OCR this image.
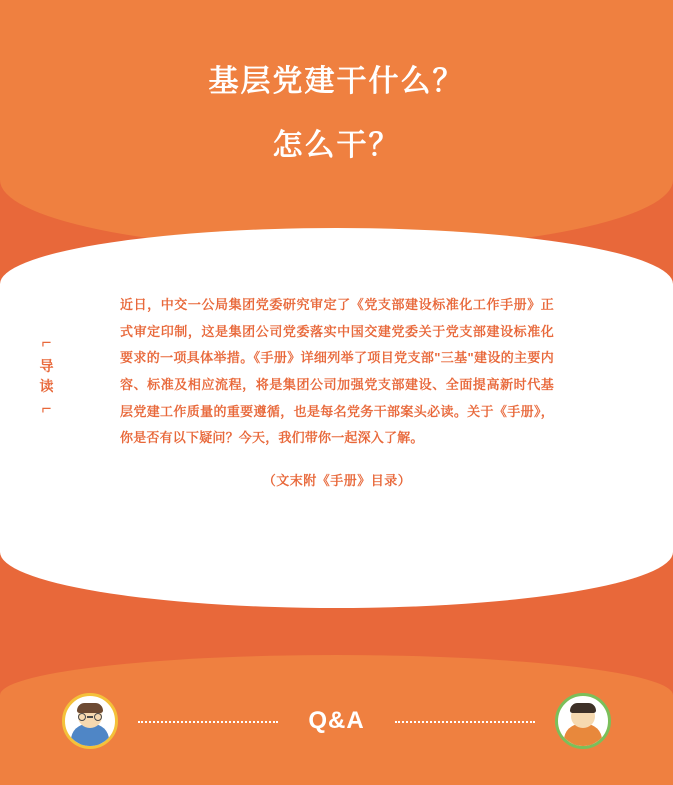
基层党建干什么？
怎么干？
⌐
导
读
⌐
近日，中交一公局集团党委研究审定了《党支部建设标准化工作手册》正式审定印制，这是集团公司党委落实中国交建党委关于党支部建设标准化要求的一项具体举措。《手册》详细列举了项目党支部"三基"建设的主要内容、标准及相应流程，将是集团公司加强党支部建设、全面提高新时代基层党建工作质量的重要遵循，也是每名党务干部案头必读。关于《手册》，你是否有以下疑问？今天，我们带你一起深入了解。
（文末附《手册》目录）
Q&A
